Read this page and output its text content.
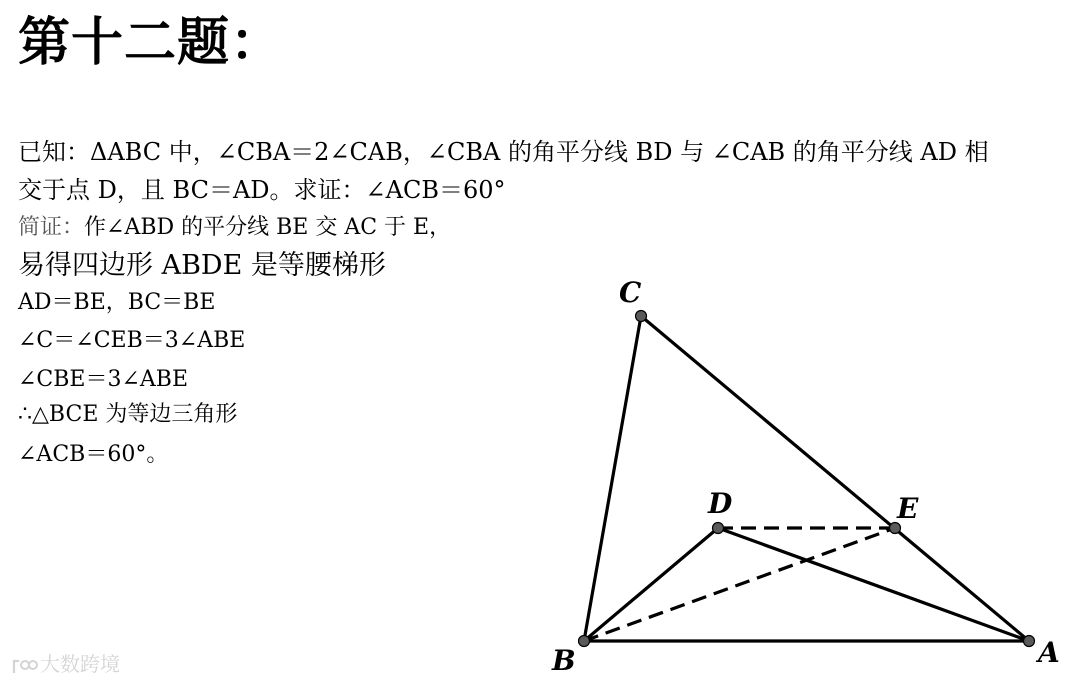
第十二题：
已知：ΔABC 中，∠CBA＝2∠CAB，∠CBA 的角平分线 BD 与 ∠CAB 的角平分线 AD 相
交于点 D，且 BC＝AD。求证：∠ACB＝60°
简证：作∠ABD 的平分线 BE 交 AC 于 E，
易得四边形 ABDE 是等腰梯形
AD＝BE，BC＝BE
∠C＝∠CEB＝3∠ABE
∠CBE＝3∠ABE
∴△BCE 为等边三角形
∠ACB＝60°。
C
D	E
B	A
大数跨境
